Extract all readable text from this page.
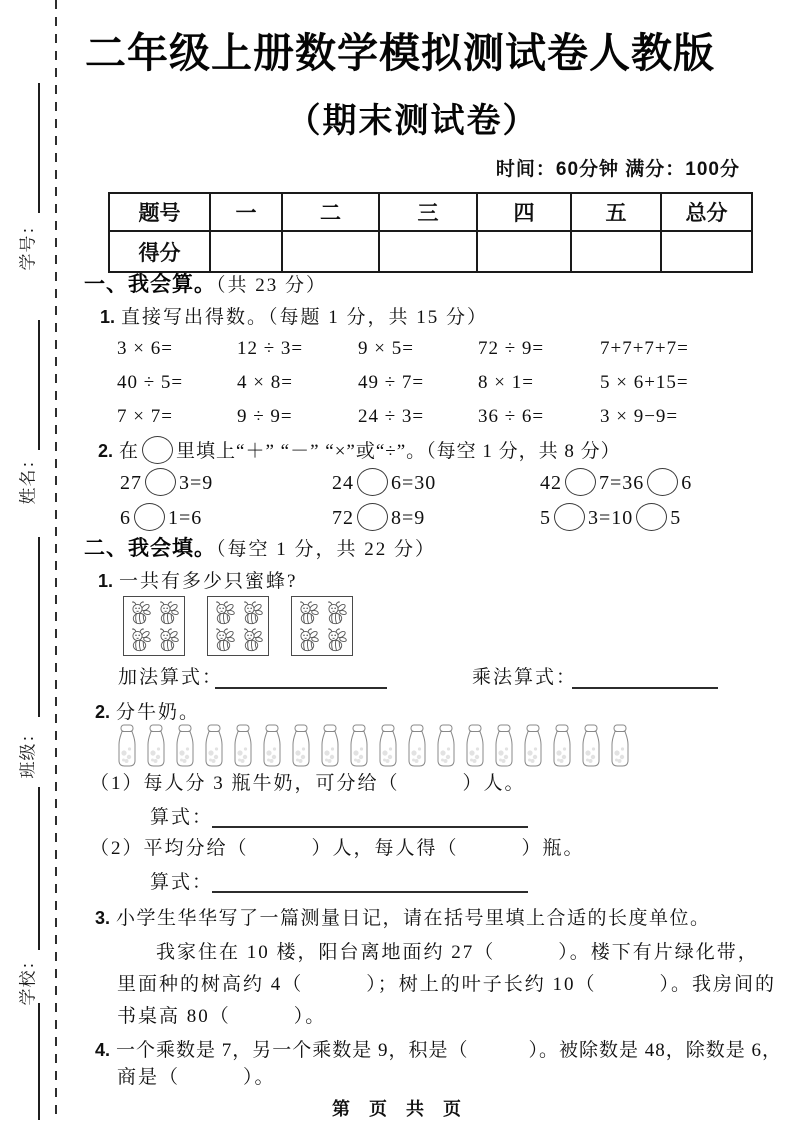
学号：
姓名：
班级：
学校：
二年级上册数学模拟测试卷人教版
（期末测试卷）
时间：60分钟 满分：100分
题号	一	二	三	四	五	总分
得分						
一、我会算。（共 23 分）
1. 直接写出得数。（每题 1 分，共 15 分）
3 × 6=	12 ÷ 3=	9 × 5=	72 ÷ 9=	7+7+7+7=
40 ÷ 5=	4 × 8=	49 ÷ 7=	8 × 1=	5 × 6+15=
7 × 7=	9 ÷ 9=	24 ÷ 3=	36 ÷ 6=	3 × 9−9=
2. 在 里填上“＋” “－” “×”或“÷”。（每空 1 分，共 8 分）
27 3=9	24 6=30	42 7=36 6
6 1=6	72 8=9	5 3=10 5
二、我会填。（每空 1 分，共 22 分）
1. 一共有多少只蜜蜂?
加法算式：	乘法算式：
2. 分牛奶。
（1）每人分 3 瓶牛奶，可分给（　　　）人。
算式：
（2）平均分给（　　　）人，每人得（　　　）瓶。
算式：
3. 小学生华华写了一篇测量日记，请在括号里填上合适的长度单位。
我家住在 10 楼，阳台离地面约 27（　　　）。楼下有片绿化带，
里面种的树高约 4（　　　）；树上的叶子长约 10（　　　）。我房间的
书桌高 80（　　　）。
4. 一个乘数是 7，另一个乘数是 9，积是（　　　）。被除数是 48，除数是 6，
商是（　　　）。
第 页 共 页
